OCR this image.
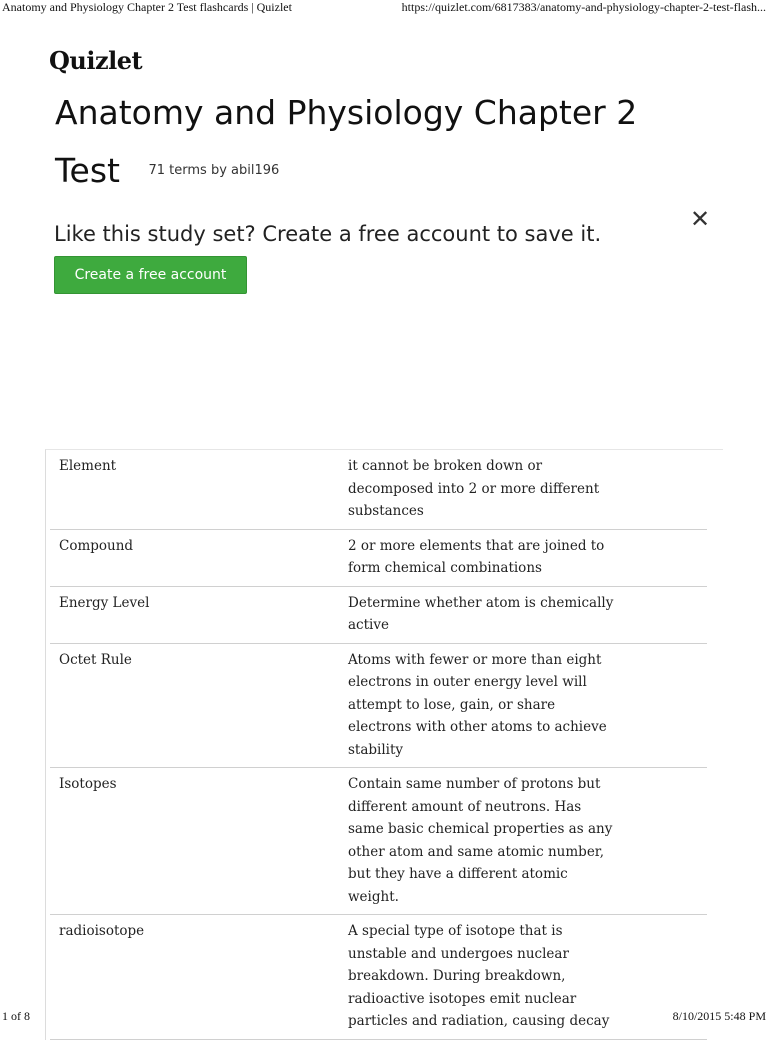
Anatomy and Physiology Chapter 2 Test flashcards | Quizlet	https://quizlet.com/6817383/anatomy-and-physiology-chapter-2-test-flash...
Quizlet
Anatomy and Physiology Chapter 2 Test $^{71 terms by abil196}$
Like this study set? Create a free account to save it.
✕
Create a free account
Element	it cannot be broken down or decomposed into 2 or more different substances
Compound	2 or more elements that are joined to form chemical combinations
Energy Level	Determine whether atom is chemically active
Octet Rule	Atoms with fewer or more than eight electrons in outer energy level will attempt to lose, gain, or share electrons with other atoms to achieve stability
Isotopes	Contain same number of protons but different amount of neutrons. Has same basic chemical properties as any other atom and same atomic number, but they have a different atomic weight.
radioisotope	A special type of isotope that is unstable and undergoes nuclear breakdown. During breakdown, radioactive isotopes emit nuclear particles and radiation, causing decay
1 of 8	8/10/2015 5:48 PM
